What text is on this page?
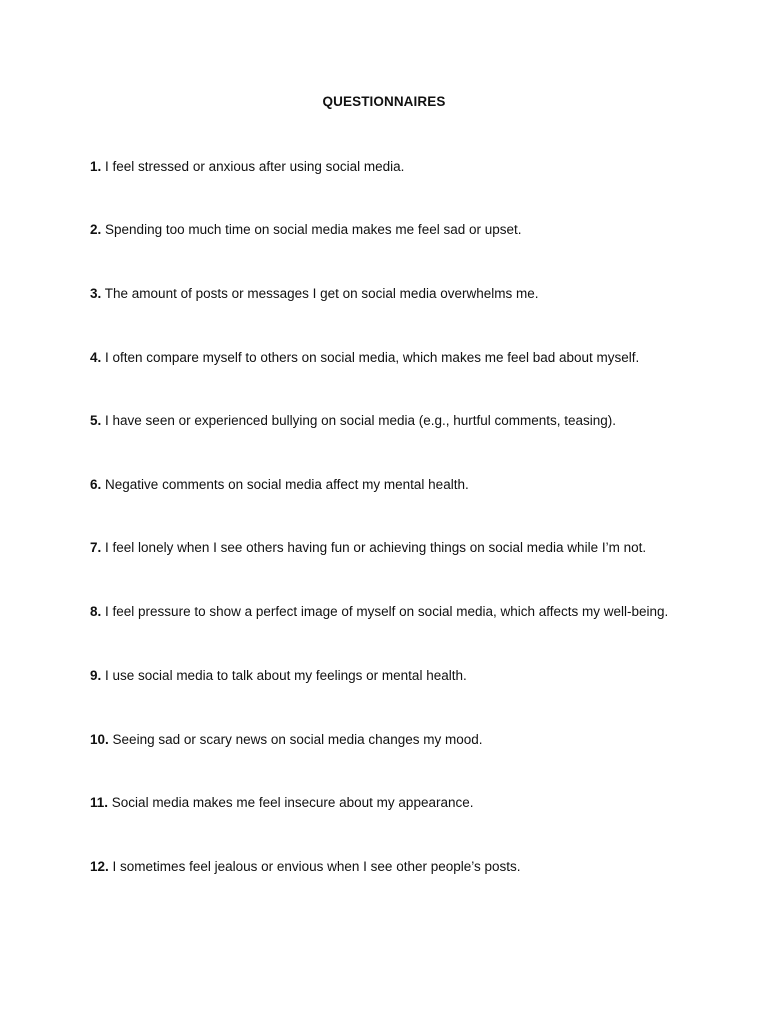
QUESTIONNAIRES
1. I feel stressed or anxious after using social media.
2. Spending too much time on social media makes me feel sad or upset.
3. The amount of posts or messages I get on social media overwhelms me.
4. I often compare myself to others on social media, which makes me feel bad about myself.
5. I have seen or experienced bullying on social media (e.g., hurtful comments, teasing).
6. Negative comments on social media affect my mental health.
7. I feel lonely when I see others having fun or achieving things on social media while I’m not.
8. I feel pressure to show a perfect image of myself on social media, which affects my well-being.
9. I use social media to talk about my feelings or mental health.
10. Seeing sad or scary news on social media changes my mood.
11. Social media makes me feel insecure about my appearance.
12. I sometimes feel jealous or envious when I see other people’s posts.
